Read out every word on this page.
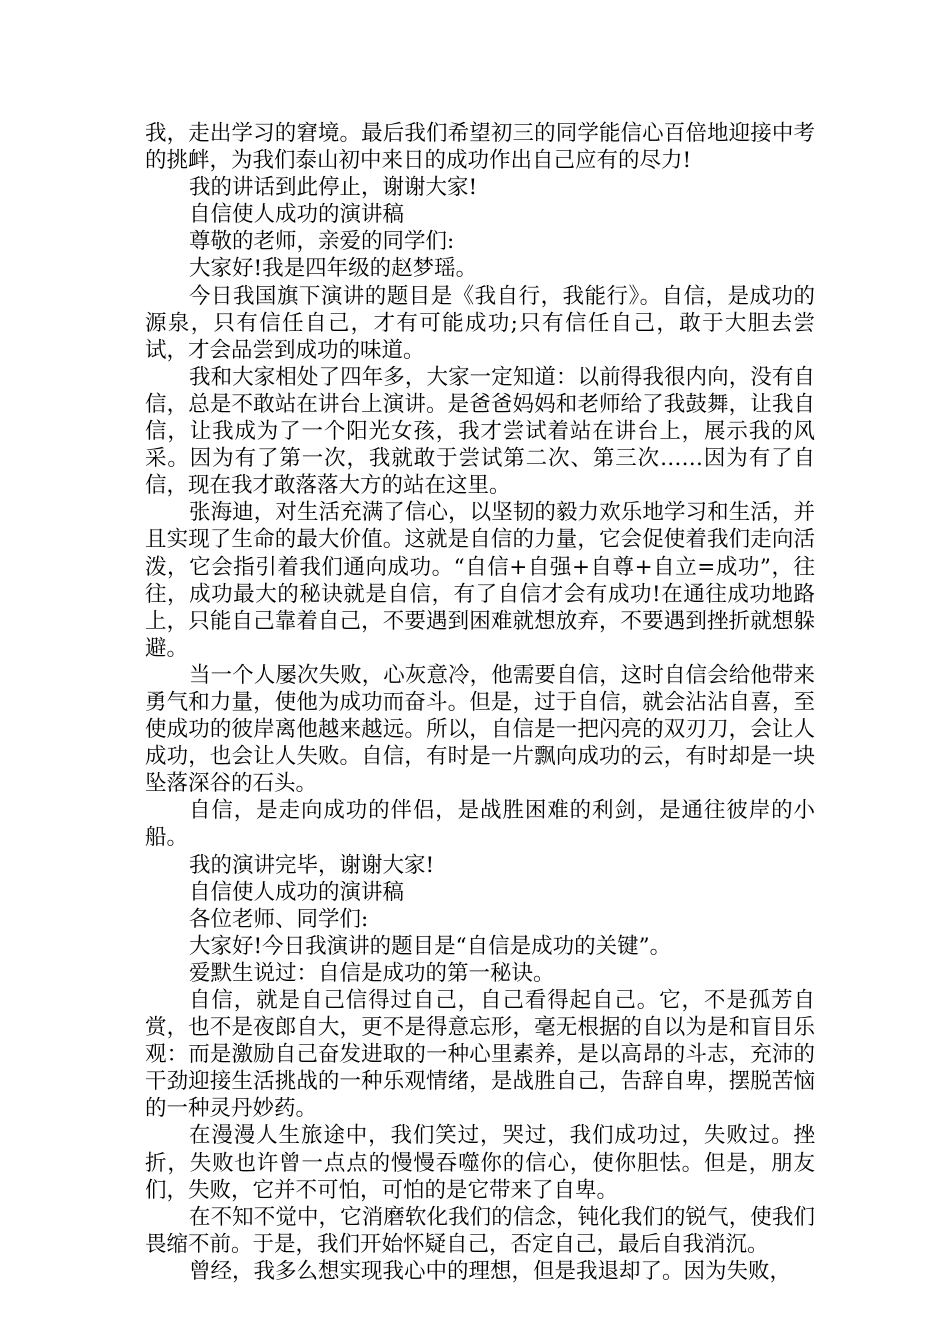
我，走出学习的窘境。最后我们希望初三的同学能信心百倍地迎接中考的挑衅，为我们泰山初中来日的成功作出自己应有的尽力!

我的讲话到此停止，谢谢大家!

自信使人成功的演讲稿

尊敬的老师，亲爱的同学们:

大家好!我是四年级的赵梦瑶。

今日我国旗下演讲的题目是《我自行，我能行》。自信，是成功的源泉，只有信任自己，才有可能成功;只有信任自己，敢于大胆去尝试，才会品尝到成功的味道。

我和大家相处了四年多，大家一定知道：以前得我很内向，没有自信，总是不敢站在讲台上演讲。是爸爸妈妈和老师给了我鼓舞，让我自信，让我成为了一个阳光女孩，我才尝试着站在讲台上，展示我的风采。因为有了第一次，我就敢于尝试第二次、第三次……因为有了自信，现在我才敢落落大方的站在这里。

张海迪，对生活充满了信心，以坚韧的毅力欢乐地学习和生活，并且实现了生命的最大价值。这就是自信的力量，它会促使着我们走向活泼，它会指引着我们通向成功。“自信+自强+自尊+自立=成功”，往往，成功最大的秘诀就是自信，有了自信才会有成功!在通往成功地路上，只能自己靠着自己，不要遇到困难就想放弃，不要遇到挫折就想躲避。

当一个人屡次失败，心灰意冷，他需要自信，这时自信会给他带来勇气和力量，使他为成功而奋斗。但是，过于自信，就会沾沾自喜，至使成功的彼岸离他越来越远。所以，自信是一把闪亮的双刃刀，会让人成功，也会让人失败。自信，有时是一片飘向成功的云，有时却是一块坠落深谷的石头。

自信，是走向成功的伴侣，是战胜困难的利剑，是通往彼岸的小船。

我的演讲完毕，谢谢大家!

自信使人成功的演讲稿

各位老师、同学们:

大家好!今日我演讲的题目是“自信是成功的关键”。

爱默生说过：自信是成功的第一秘诀。

自信，就是自己信得过自己，自己看得起自己。它，不是孤芳自赏，也不是夜郎自大，更不是得意忘形，毫无根据的自以为是和盲目乐观：而是激励自己奋发进取的一种心里素养，是以高昂的斗志，充沛的干劲迎接生活挑战的一种乐观情绪，是战胜自己，告辞自卑，摆脱苦恼的一种灵丹妙药。

在漫漫人生旅途中，我们笑过，哭过，我们成功过，失败过。挫折，失败也许曾一点点的慢慢吞噬你的信心，使你胆怯。但是，朋友们，失败，它并不可怕，可怕的是它带来了自卑。

在不知不觉中，它消磨软化我们的信念，钝化我们的锐气，使我们畏缩不前。于是，我们开始怀疑自己，否定自己，最后自我消沉。

曾经，我多么想实现我心中的理想，但是我退却了。因为失败，
